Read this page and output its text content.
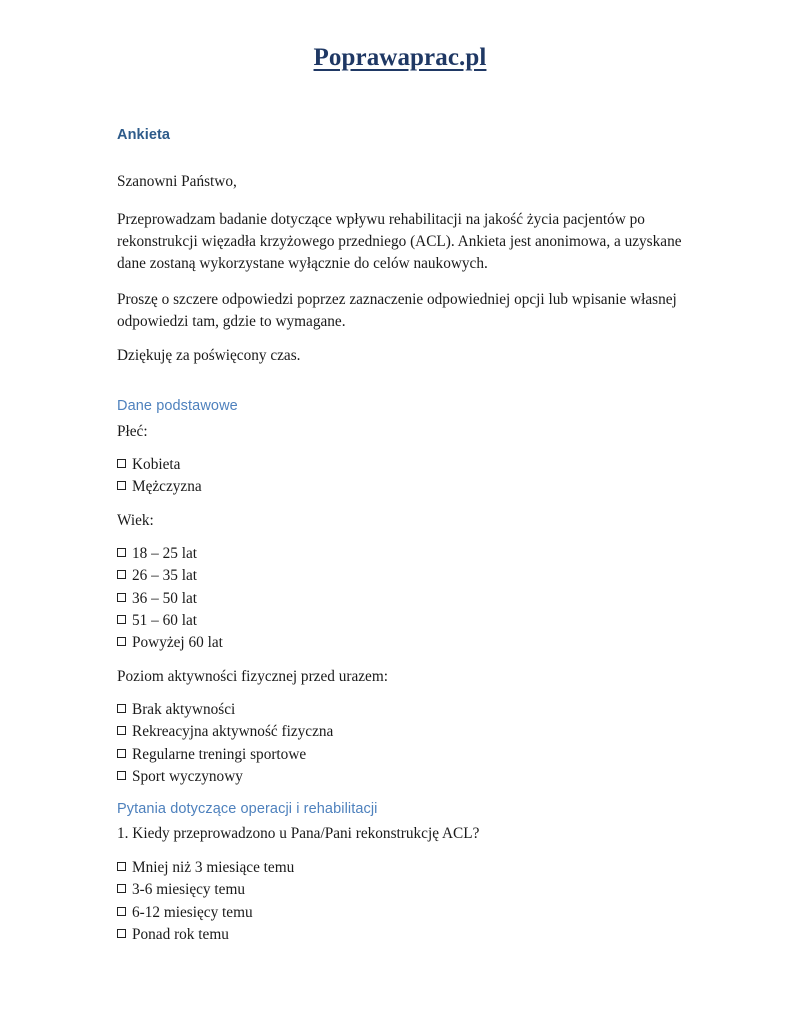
Poprawaprac.pl
Ankieta

Szanowni Państwo,

Przeprowadzam badanie dotyczące wpływu rehabilitacji na jakość życia pacjentów po rekonstrukcji więzadła krzyżowego przedniego (ACL). Ankieta jest anonimowa, a uzyskane dane zostaną wykorzystane wyłącznie do celów naukowych.

Proszę o szczere odpowiedzi poprzez zaznaczenie odpowiedniej opcji lub wpisanie własnej odpowiedzi tam, gdzie to wymagane.

Dziękuję za poświęcony czas.

Dane podstawowe
Płeć:
Kobieta
Mężczyzna
Wiek:
18 – 25 lat
26 – 35 lat
36 – 50 lat
51 – 60 lat
Powyżej 60 lat
Poziom aktywności fizycznej przed urazem:
Brak aktywności
Rekreacyjna aktywność fizyczna
Regularne treningi sportowe
Sport wyczynowy
Pytania dotyczące operacji i rehabilitacji
1. Kiedy przeprowadzono u Pana/Pani rekonstrukcję ACL?
Mniej niż 3 miesiące temu
3-6 miesięcy temu
6-12 miesięcy temu
Ponad rok temu
